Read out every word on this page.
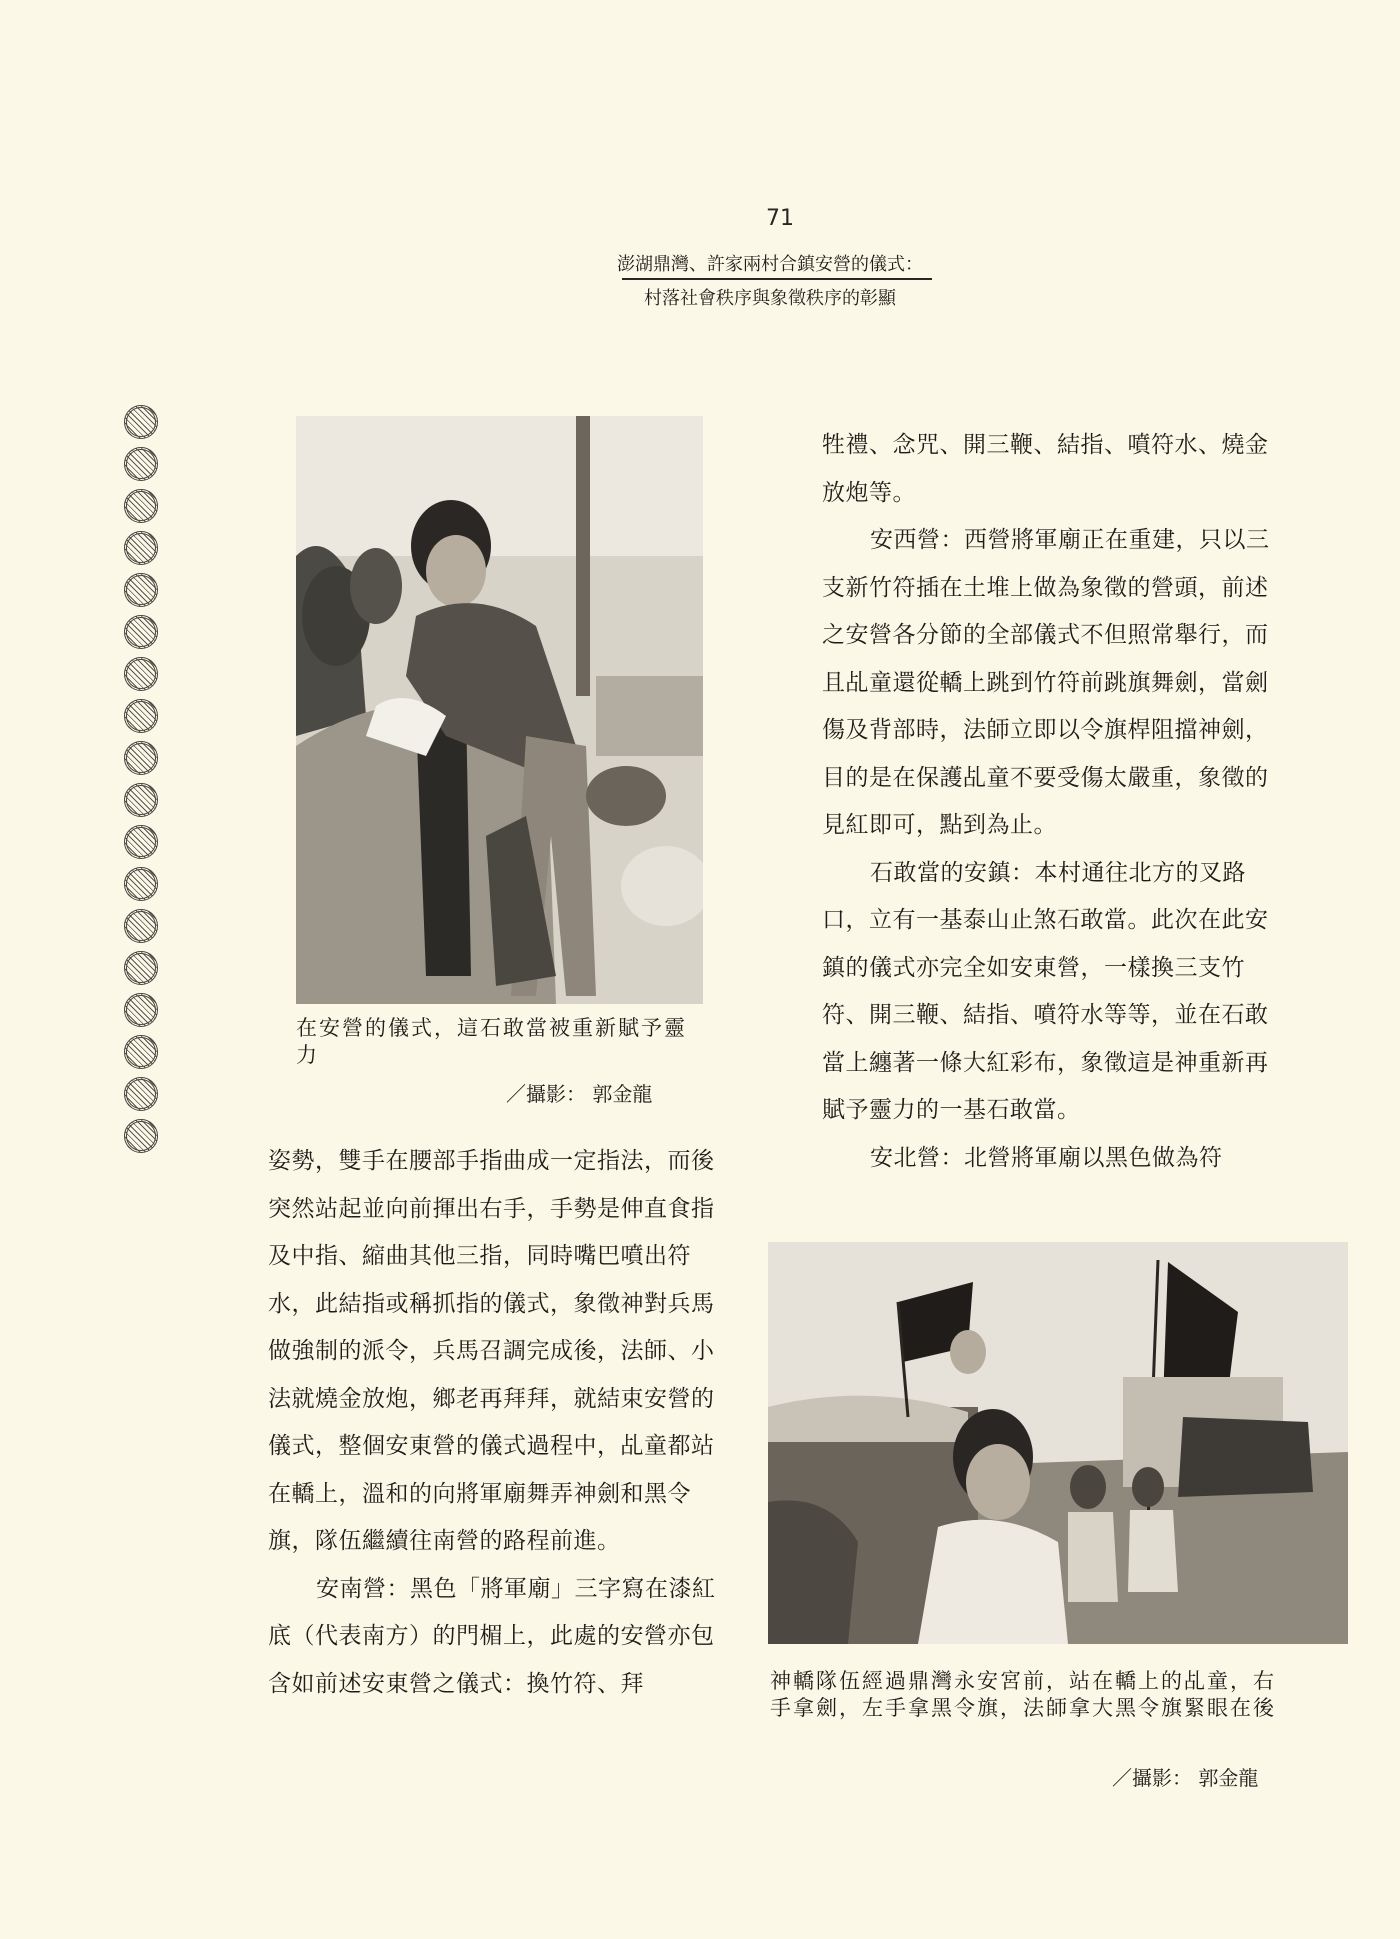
71
澎湖鼎灣、許家兩村合鎮安營的儀式：
村落社會秩序與象徵秩序的彰顯
在安營的儀式，這石敢當被重新賦予靈力
／攝影： 郭金龍

姿勢，雙手在腰部手指曲成一定指法，而後突然站起並向前揮出右手，手勢是伸直食指及中指、縮曲其他三指，同時嘴巴噴出符水，此結指或稱抓指的儀式，象徵神對兵馬做強制的派令，兵馬召調完成後，法師、小法就燒金放炮，鄉老再拜拜，就結束安營的儀式，整個安東營的儀式過程中，乩童都站在轎上，溫和的向將軍廟舞弄神劍和黑令旗，隊伍繼續往南營的路程前進。

安南營：黑色「將軍廟」三字寫在漆紅底（代表南方）的門楣上，此處的安營亦包含如前述安東營之儀式：換竹符、拜

牲禮、念咒、開三鞭、結指、噴符水、燒金放炮等。

安西營：西營將軍廟正在重建，只以三支新竹符插在土堆上做為象徵的營頭，前述之安營各分節的全部儀式不但照常舉行，而且乩童還從轎上跳到竹符前跳旗舞劍，當劍傷及背部時，法師立即以令旗桿阻擋神劍，目的是在保護乩童不要受傷太嚴重，象徵的見紅即可，點到為止。

石敢當的安鎮：本村通往北方的叉路口，立有一基泰山止煞石敢當。此次在此安鎮的儀式亦完全如安東營，一樣換三支竹符、開三鞭、結指、噴符水等等，並在石敢當上纏著一條大紅彩布，象徵這是神重新再賦予靈力的一基石敢當。

安北營：北營將軍廟以黑色做為符

神轎隊伍經過鼎灣永安宮前，站在轎上的乩童，右手拿劍，左手拿黑令旗，法師拿大黑令旗緊眼在後
／攝影： 郭金龍
